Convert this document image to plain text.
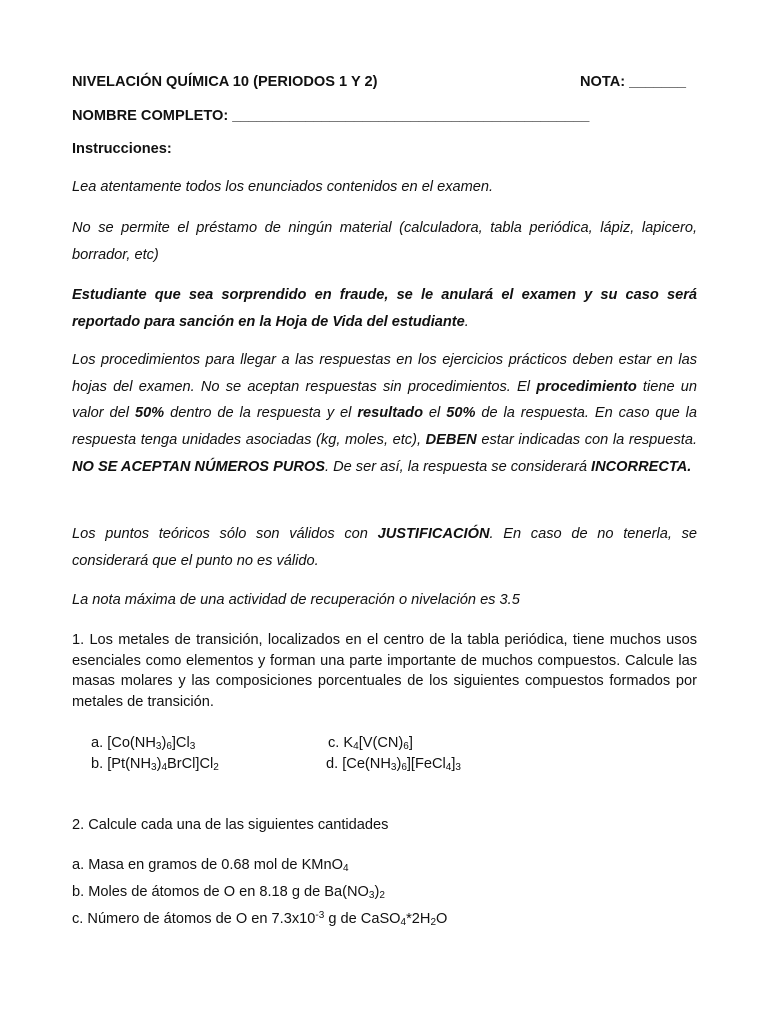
NIVELACIÓN QUÍMICA 10 (PERIODOS 1 Y 2)	NOTA: _______
NOMBRE COMPLETO: ____________________________________________
Instrucciones:
Lea atentamente todos los enunciados contenidos en el examen.
No se permite el préstamo de ningún material (calculadora, tabla periódica, lápiz, lapicero, borrador, etc)
Estudiante que sea sorprendido en fraude, se le anulará el examen y su caso será reportado para sanción en la Hoja de Vida del estudiante.
Los procedimientos para llegar a las respuestas en los ejercicios prácticos deben estar en las hojas del examen. No se aceptan respuestas sin procedimientos. El procedimiento tiene un valor del 50% dentro de la respuesta y el resultado el 50% de la respuesta. En caso que la respuesta tenga unidades asociadas (kg, moles, etc), DEBEN estar indicadas con la respuesta. NO SE ACEPTAN NÚMEROS PUROS. De ser así, la respuesta se considerará INCORRECTA.
Los puntos teóricos sólo son válidos con JUSTIFICACIÓN. En caso de no tenerla, se considerará que el punto no es válido.
La nota máxima de una actividad de recuperación o nivelación es 3.5
1. Los metales de transición, localizados en el centro de la tabla periódica, tiene muchos usos esenciales como elementos y forman una parte importante de muchos compuestos. Calcule las masas molares y las composiciones porcentuales de los siguientes compuestos formados por metales de transición.
a. $[Co(NH_3)_6]Cl_3$	c. $K_4[V(CN)_6]$
b. $[Pt(NH_3)_4BrCl]Cl_2$	d. $[Ce(NH_3)_6][FeCl_4]_3$
2. Calcule cada una de las siguientes cantidades
a. Masa en gramos de 0.68 mol de KMnO$_4$
b. Moles de átomos de O en 8.18 g de $Ba(NO_3)_2$
c. Número de átomos de O en $7.3x10^{-3}$ g de $CaSO_4*2H_2O$
